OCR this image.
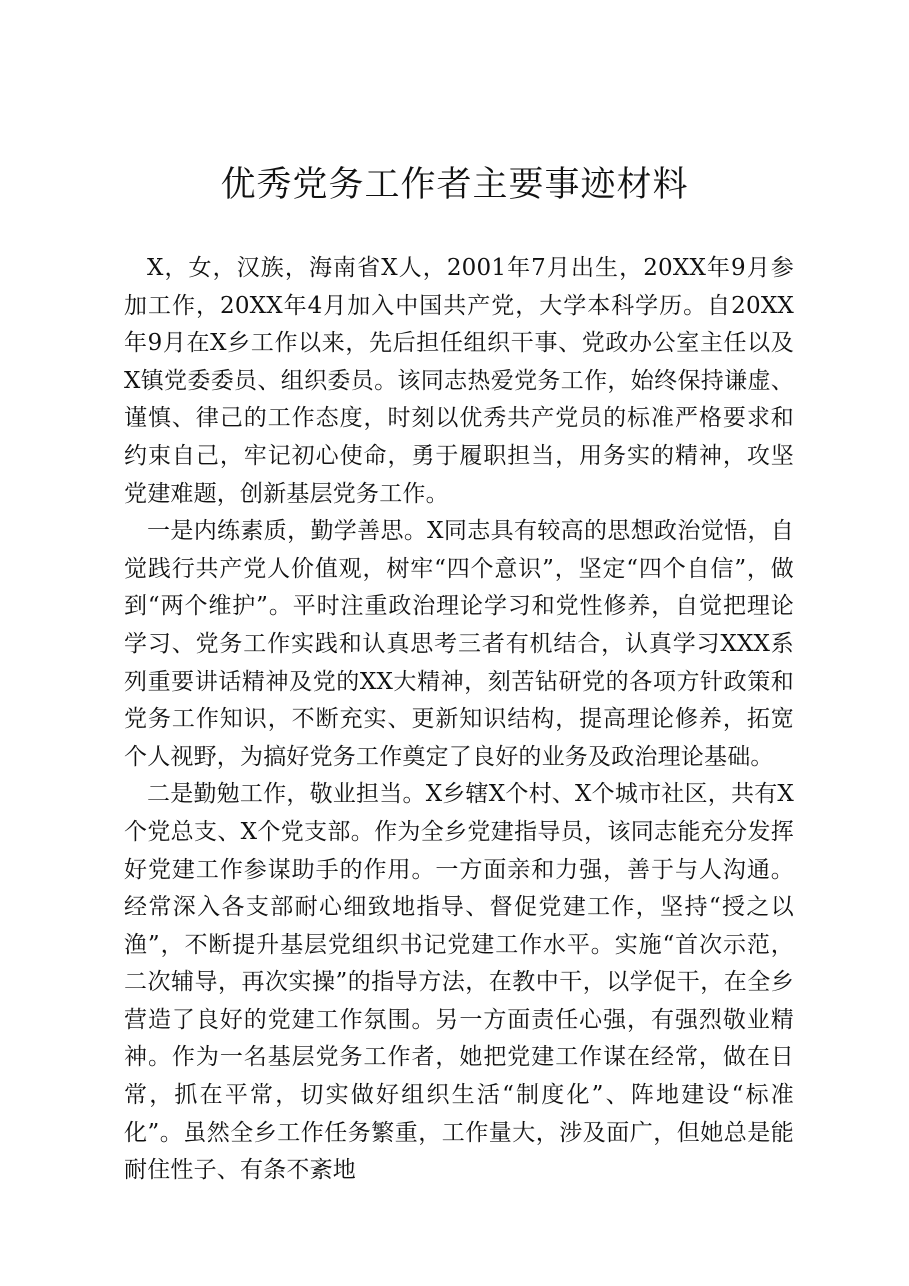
优秀党务工作者主要事迹材料

X，女，汉族，海南省X人，2001年7月出生，20XX年9月参加工作，20XX年4月加入中国共产党，大学本科学历。自20XX年9月在X乡工作以来，先后担任组织干事、党政办公室主任以及X镇党委委员、组织委员。该同志热爱党务工作，始终保持谦虚、谨慎、律己的工作态度，时刻以优秀共产党员的标准严格要求和约束自己，牢记初心使命，勇于履职担当，用务实的精神，攻坚党建难题，创新基层党务工作。

一是内练素质，勤学善思。X同志具有较高的思想政治觉悟，自觉践行共产党人价值观，树牢“四个意识”，坚定“四个自信”，做到“两个维护”。平时注重政治理论学习和党性修养，自觉把理论学习、党务工作实践和认真思考三者有机结合，认真学习XXX系列重要讲话精神及党的XX大精神，刻苦钻研党的各项方针政策和党务工作知识，不断充实、更新知识结构，提高理论修养，拓宽个人视野，为搞好党务工作奠定了良好的业务及政治理论基础。

二是勤勉工作，敬业担当。X乡辖X个村、X个城市社区，共有X个党总支、X个党支部。作为全乡党建指导员，该同志能充分发挥好党建工作参谋助手的作用。一方面亲和力强，善于与人沟通。经常深入各支部耐心细致地指导、督促党建工作，坚持“授之以渔”，不断提升基层党组织书记党建工作水平。实施“首次示范，二次辅导，再次实操”的指导方法，在教中干，以学促干，在全乡营造了良好的党建工作氛围。另一方面责任心强，有强烈敬业精神。作为一名基层党务工作者，她把党建工作谋在经常，做在日常，抓在平常，切实做好组织生活“制度化”、阵地建设“标准化”。虽然全乡工作任务繁重，工作量大，涉及面广，但她总是能耐住性子、有条不紊地
